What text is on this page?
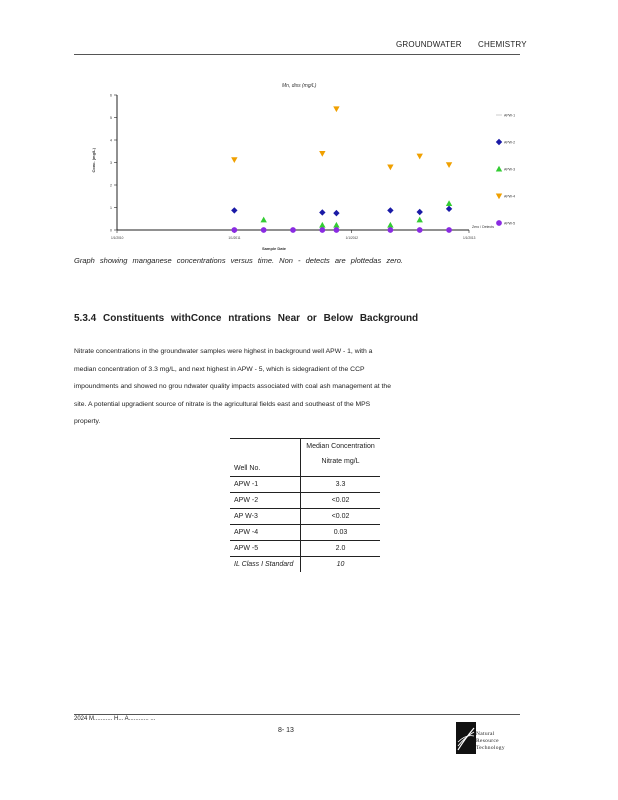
GROUNDWATER CHEMISTRY
Mn, diss (mg/L)
Conc. (mg/L)
Sample Date
0
1
2
3
4
5
6
1/1/2010	1/1/2011	1/1/2012	1/1/2013
Zero / Detects
APW-1
APW-2
APW-3
APW-4
APW-5
Graph showing manganese concentrations versus time. Non - detects are plottedas zero.
5.3.4 Constituents withConce ntrations Near or Below Background
Nitrate concentrations in the groundwater samples were highest in background well APW - 1, with a
median concentration of 3.3 mg/L, and next highest in APW - 5, which is sidegradient of the CCP
impoundments and showed no grou ndwater quality impacts associated with coal ash management at the
site. A potential upgradient source of nitrate is the agricultural fields east and southeast of the MPS
property.
Well No.	Median Concentration
Nitrate mg/L

APW -1	3.3
APW -2	<0.02
AP W-3	<0.02
APW -4	0.03
APW -5	2.0
IL Class I Standard	10
2024 M........... H... A............ ...
8- 13	Natural
Resource
Technology
